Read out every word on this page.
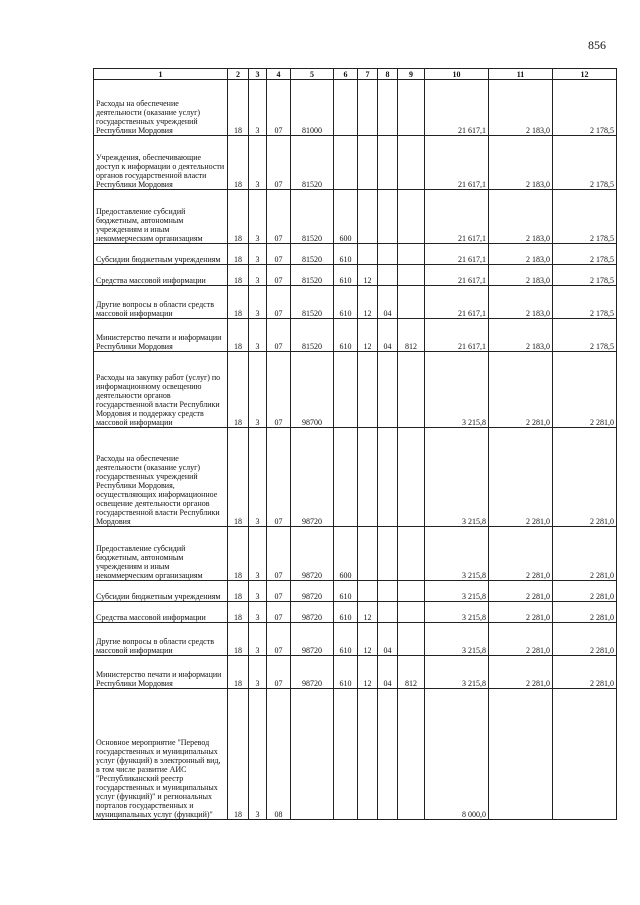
856
1	2	3	4	5	6	7	8	9	10	11	12
Расходы на обеспечение деятельности (оказание услуг) государственных учреждений Республики Мордовия	18	3	07	81000					21 617,1	2 183,0	2 178,5
Учреждения, обеспечивающие доступ к информации о деятельности органов государственной власти Республики Мордовия	18	3	07	81520					21 617,1	2 183,0	2 178,5
Предоставление субсидий бюджетным, автономным учреждениям и иным некоммерческим организациям	18	3	07	81520	600				21 617,1	2 183,0	2 178,5
Субсидии бюджетным учреждениям	18	3	07	81520	610				21 617,1	2 183,0	2 178,5
Средства массовой информации	18	3	07	81520	610	12			21 617,1	2 183,0	2 178,5
Другие вопросы в области средств массовой информации	18	3	07	81520	610	12	04		21 617,1	2 183,0	2 178,5
Министерство печати и информации Республики Мордовия	18	3	07	81520	610	12	04	812	21 617,1	2 183,0	2 178,5
Расходы на закупку работ (услуг) по информационному освещению деятельности органов государственной власти Республики Мордовия и поддержку средств массовой информации	18	3	07	98700					3 215,8	2 281,0	2 281,0
Расходы на обеспечение деятельности (оказание услуг) государственных учреждений Республики Мордовия, осуществляющих информационное освещение деятельности органов государственной власти Республики Мордовия	18	3	07	98720					3 215,8	2 281,0	2 281,0
Предоставление субсидий бюджетным, автономным учреждениям и иным некоммерческим организациям	18	3	07	98720	600				3 215,8	2 281,0	2 281,0
Субсидии бюджетным учреждениям	18	3	07	98720	610				3 215,8	2 281,0	2 281,0
Средства массовой информации	18	3	07	98720	610	12			3 215,8	2 281,0	2 281,0
Другие вопросы в области средств массовой информации	18	3	07	98720	610	12	04		3 215,8	2 281,0	2 281,0
Министерство печати и информации Республики Мордовия	18	3	07	98720	610	12	04	812	3 215,8	2 281,0	2 281,0
Основное мероприятие "Перевод государственных и муниципальных услуг (функций) в электронный вид, в том числе развитие АИС "Республиканский реестр государственных и муниципальных услуг (функций)" и региональных порталов государственных и муниципальных услуг (функций)"	18	3	08						8 000,0		
